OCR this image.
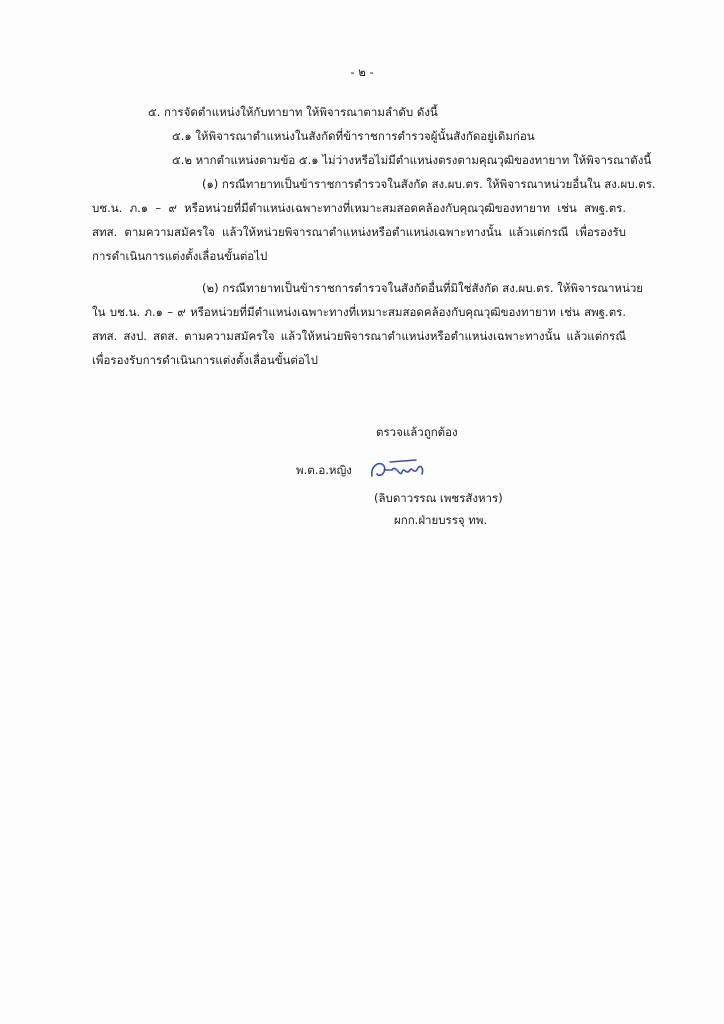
- ๒ -
๕. การจัดตำแหน่งให้กับทายาท ให้พิจารณาตามลำดับ ดังนี้
๕.๑ ให้พิจารณาตำแหน่งในสังกัดที่ข้าราชการตำรวจผู้นั้นสังกัดอยู่เดิมก่อน
๕.๒ หากตำแหน่งตามข้อ ๕.๑ ไม่ว่างหรือไม่มีตำแหน่งตรงตามคุณวุฒิของทายาท ให้พิจารณาดังนี้
(๑) กรณีทายาทเป็นข้าราชการตำรวจในสังกัด สง.ผบ.ตร. ให้พิจารณาหน่วยอื่นใน สง.ผบ.ตร.
บช.น. ภ.๑ – ๙ หรือหน่วยที่มีตำแหน่งเฉพาะทางที่เหมาะสมสอดคล้องกับคุณวุฒิของทายาท เช่น สพฐ.ตร.
สทส. ตามความสมัครใจ แล้วให้หน่วยพิจารณาตำแหน่งหรือตำแหน่งเฉพาะทางนั้น แล้วแต่กรณี เพื่อรองรับ
การดำเนินการแต่งตั้งเลื่อนขั้นต่อไป
(๒) กรณีทายาทเป็นข้าราชการตำรวจในสังกัดอื่นที่มิใช่สังกัด สง.ผบ.ตร. ให้พิจารณาหน่วย
ใน บช.น. ภ.๑ – ๙ หรือหน่วยที่มีตำแหน่งเฉพาะทางที่เหมาะสมสอดคล้องกับคุณวุฒิของทายาท เช่น สพฐ.ตร.
สทส. สงป. สดส. ตามความสมัครใจ แล้วให้หน่วยพิจารณาตำแหน่งหรือตำแหน่งเฉพาะทางนั้น แล้วแต่กรณี
เพื่อรองรับการดำเนินการแต่งตั้งเลื่อนขั้นต่อไป
ตรวจแล้วถูกต้อง
พ.ต.อ.หญิง
(ลิบดาวรรณ เพชรสังหาร)
ผกก.ฝ่ายบรรจุ ทพ.
